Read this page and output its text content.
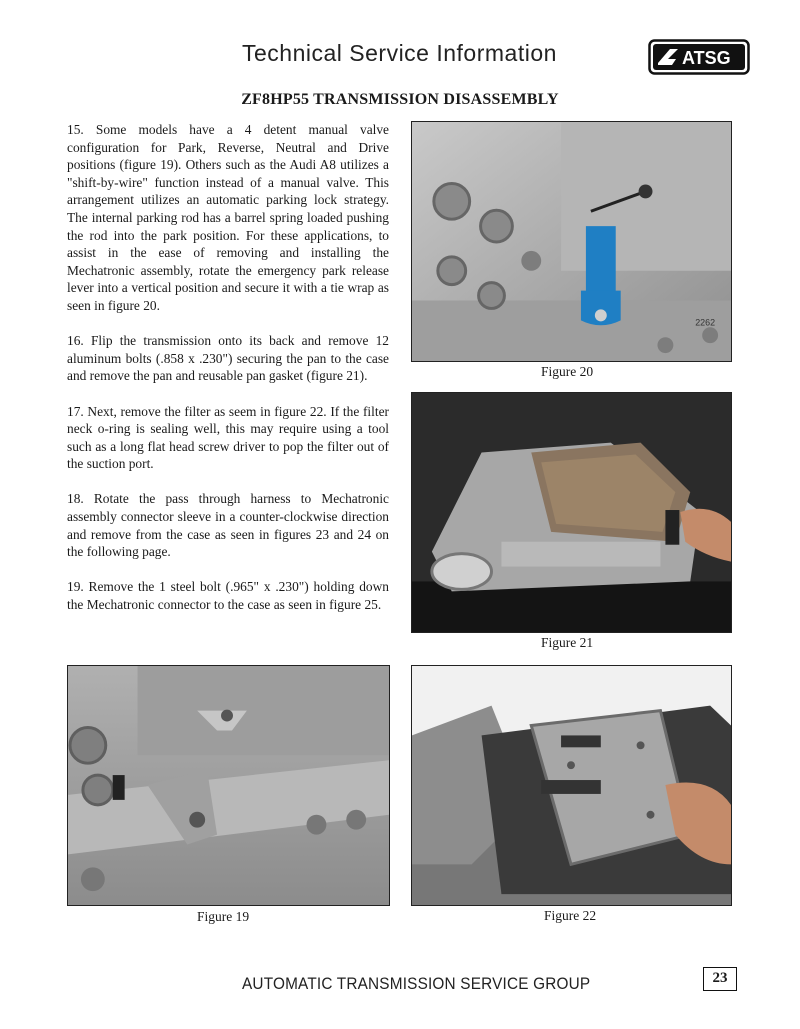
Technical Service Information	ATSG
ZF8HP55 TRANSMISSION DISASSEMBLY

15. Some models have a 4 detent manual valve configuration for Park, Reverse, Neutral and Drive positions (figure 19). Others such as the Audi A8 utilizes a "shift-by-wire" function instead of a manual valve. This arrangement utilizes an automatic parking lock strategy. The internal parking rod has a barrel spring loaded pushing the rod into the park position. For these applications, to assist in the ease of removing and installing the Mechatronic assembly, rotate the emergency park release lever into a vertical position and secure it with a tie wrap as seen in figure 20.

16. Flip the transmission onto its back and remove 12 aluminum bolts (.858 x .230") securing the pan to the case and remove the pan and reusable pan gasket (figure 21).

17. Next, remove the filter as seem in figure 22. If the filter neck o-ring is sealing well, this may require using a tool such as a long flat head screw driver to pop the filter out of the suction port.

18. Rotate the pass through harness to Mechatronic assembly connector sleeve in a counter-clockwise direction and remove from the case as seen in figures 23 and 24 on the following page.

19. Remove the 1 steel bolt (.965" x .230") holding down the Mechatronic connector to the case as seen in figure 25.

2262
Figure 20
Figure 21
Figure 19	Figure 22
AUTOMATIC TRANSMISSION SERVICE GROUP	23
